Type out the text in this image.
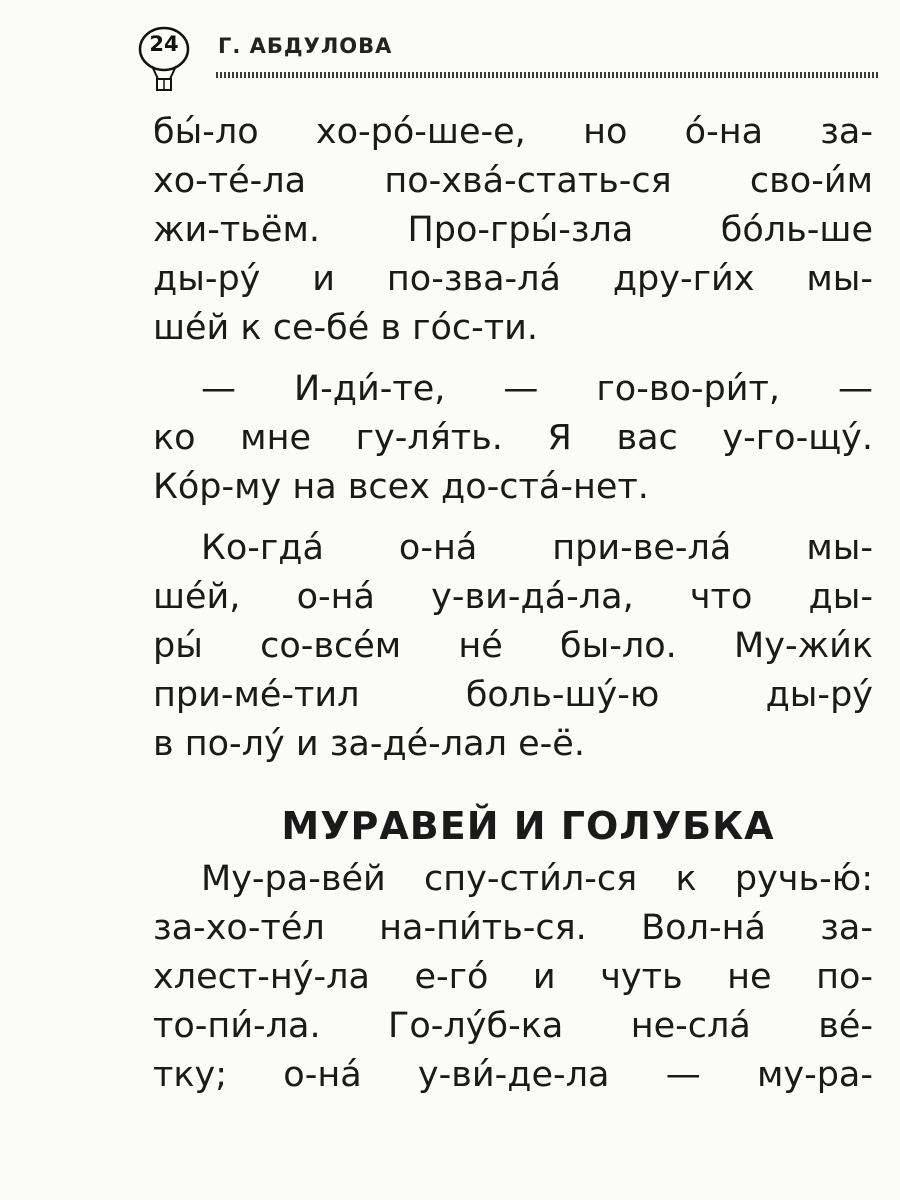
24	Г. АБДУЛОВА
бы́-ло хо-ро́-ше-е, но о́-на за-
хо-те́-ла по-хва́-стать-ся сво-и́м
жи-тьём. Про-гры́-зла бо́ль-ше
ды-ру́ и по-зва-ла́ дру-ги́х мы-
ше́й к се-бе́ в го́с-ти.
— И-ди́-те, — го-во-ри́т, —
ко мне гу-ля́ть. Я вас у-го-щу́.
Ко́р-му на всех до-ста́-нет.
Ко-гда́ о-на́ при-ве-ла́ мы-
ше́й, о-на́ у-ви-да́-ла, что ды-
ры́ со-все́м не́ бы-ло. Му-жи́к
при-ме́-тил боль-шу́-ю ды-ру́
в по-лу́ и за-де́-лал е-ё.
МУРАВЕЙ И ГОЛУБКА
Му-ра-ве́й спу-сти́л-ся к ручь-ю́:
за-хо-те́л на-пи́ть-ся. Вол-на́ за-
хлест-ну́-ла е-го́ и чуть не по-
то-пи́-ла. Го-лу́б-ка не-сла́ ве́-
тку; о-на́ у-ви́-де-ла — му-ра-
